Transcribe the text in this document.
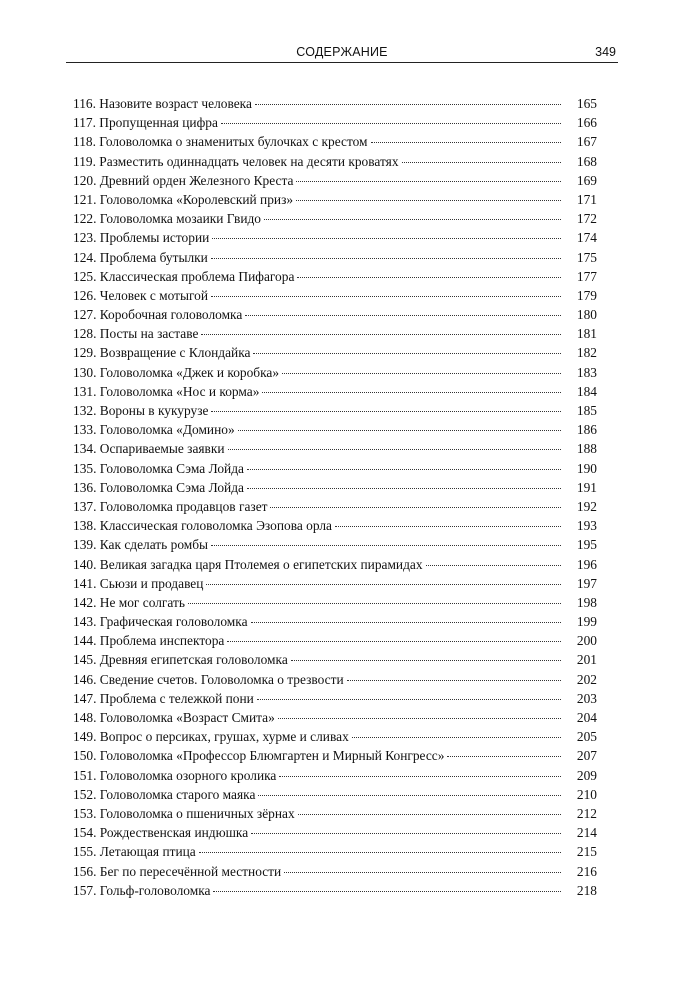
СОДЕРЖАНИЕ	349
116. Назовите возраст человека	165
117. Пропущенная цифра	166
118. Головоломка о знаменитых булочках с крестом	167
119. Разместить одиннадцать человек на десяти кроватях	168
120. Древний орден Железного Креста	169
121. Головоломка «Королевский приз»	171
122. Головоломка мозаики Гвидо	172
123. Проблемы истории	174
124. Проблема бутылки	175
125. Классическая проблема Пифагора	177
126. Человек с мотыгой	179
127. Коробочная головоломка	180
128. Посты на заставе	181
129. Возвращение с Клондайка	182
130. Головоломка «Джек и коробка»	183
131. Головоломка «Нос и корма»	184
132. Вороны в кукурузе	185
133. Головоломка «Домино»	186
134. Оспариваемые заявки	188
135. Головоломка Сэма Лойда	190
136. Головоломка Сэма Лойда	191
137. Головоломка продавцов газет	192
138. Классическая головоломка Эзопова орла	193
139. Как сделать ромбы	195
140. Великая загадка царя Птолемея о египетских пирамидах	196
141. Сьюзи и продавец	197
142. Не мог солгать	198
143. Графическая головоломка	199
144. Проблема инспектора	200
145. Древняя египетская головоломка	201
146. Сведение счетов. Головоломка о трезвости	202
147. Проблема с тележкой пони	203
148. Головоломка «Возраст Смита»	204
149. Вопрос о персиках, грушах, хурме и сливах	205
150. Головоломка «Профессор Блюмгартен и Мирный Конгресс»	207
151. Головоломка озорного кролика	209
152. Головоломка старого маяка	210
153. Головоломка о пшеничных зёрнах	212
154. Рождественская индюшка	214
155. Летающая птица	215
156. Бег по пересечённой местности	216
157. Гольф-головоломка	218
